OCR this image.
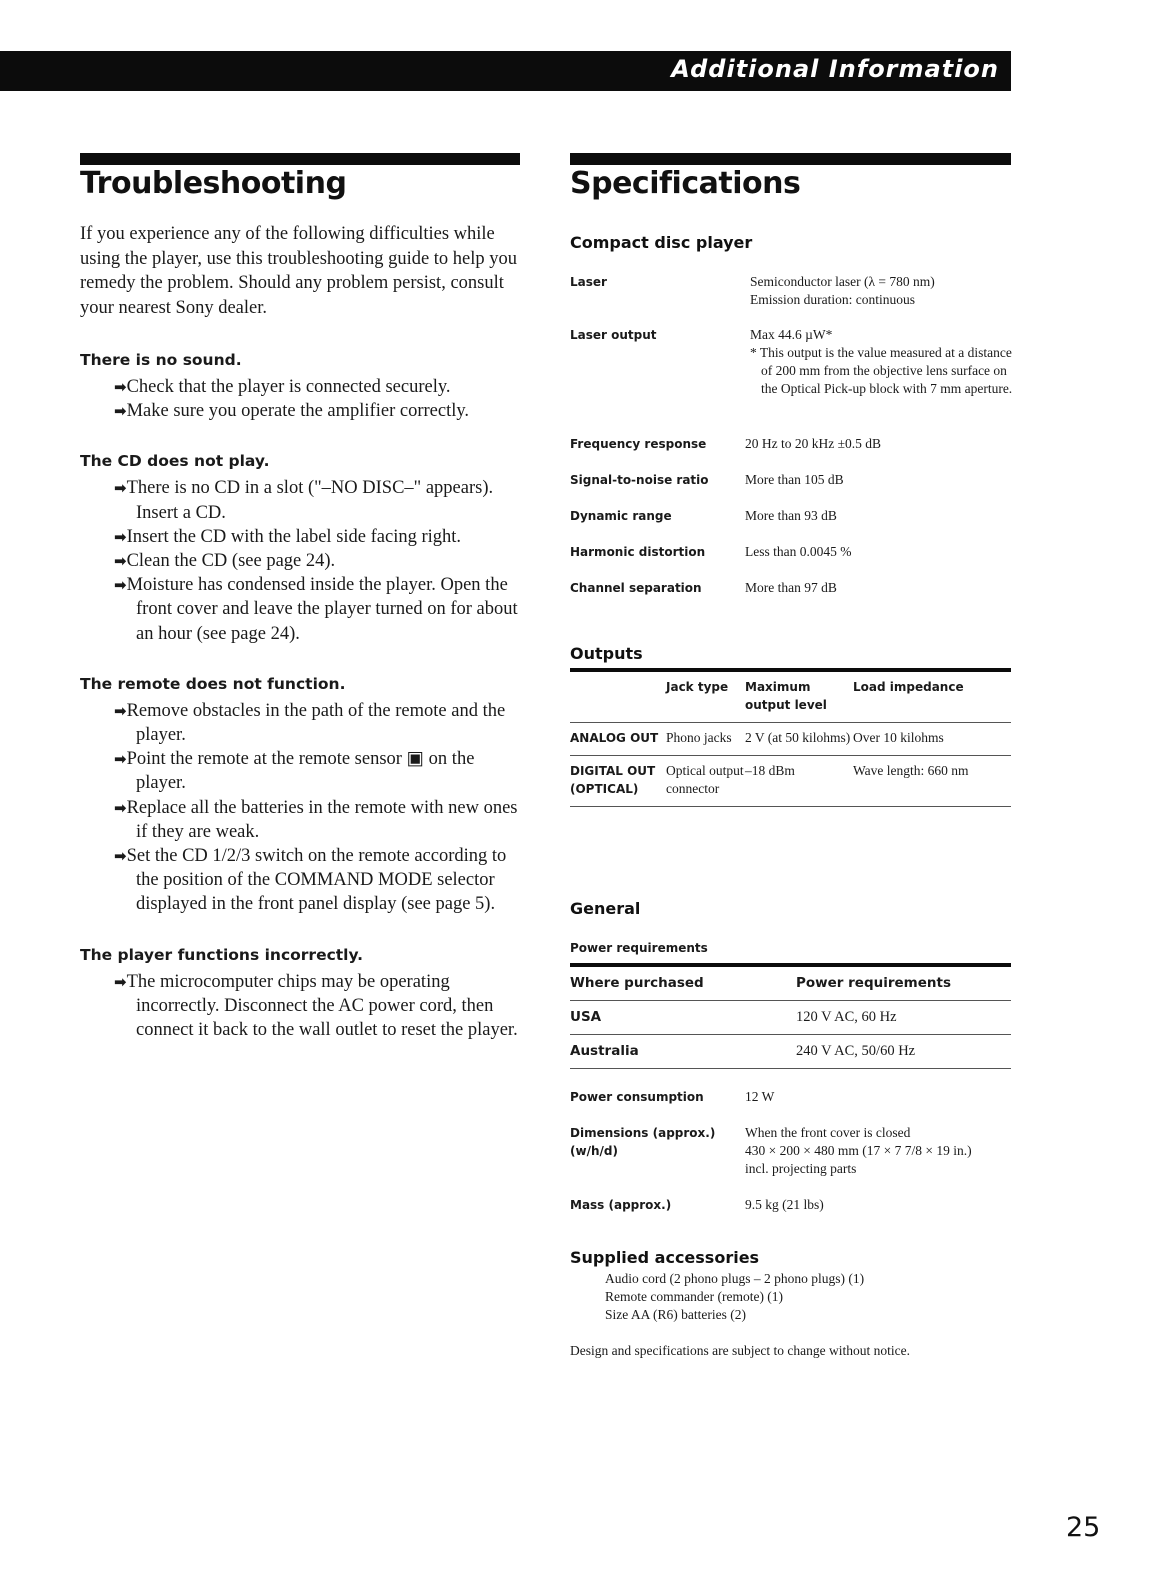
Additional Information
Troubleshooting	Specifications

If you experience any of the following difficulties while using the player, use this troubleshooting guide to help you remedy the problem. Should any problem persist, consult your nearest Sony dealer.

There is no sound.

➡Check that the player is connected securely.

➡Make sure you operate the amplifier correctly.

The CD does not play.

➡There is no CD in a slot ("–NO DISC–" appears).
Insert a CD.

➡Insert the CD with the label side facing right.

➡Clean the CD (see page 24).

➡Moisture has condensed inside the player. Open the front cover and leave the player turned on for about an hour (see page 24).

The remote does not function.

➡Remove obstacles in the path of the remote and the player.

➡Point the remote at the remote sensor ▣ on the player.

➡Replace all the batteries in the remote with new ones if they are weak.

➡Set the CD 1/2/3 switch on the remote according to the position of the COMMAND MODE selector displayed in the front panel display (see page 5).

The player functions incorrectly.

➡The microcomputer chips may be operating incorrectly. Disconnect the AC power cord, then connect it back to the wall outlet to reset the player.

Compact disc player
Laser	Semiconductor laser (λ = 780 nm)
Emission duration: continuous
Laser output	Max 44.6 µW*
* This output is the value measured at a distance of 200 mm from the objective lens surface on the Optical Pick-up block with 7 mm aperture.
Frequency response	20 Hz to 20 kHz ±0.5 dB
Signal-to-noise ratio	More than 105 dB
Dynamic range	More than 93 dB
Harmonic distortion	Less than 0.0045 %
Channel separation	More than 97 dB
Outputs
	Jack type	Maximum output level	Load impedance
ANALOG OUT	Phono jacks	2 V (at 50 kilohms)	Over 10 kilohms
DIGITAL OUT (OPTICAL)	Optical output connector	–18 dBm	Wave length: 660 nm
General
Power requirements
Where purchased	Power requirements
USA	120 V AC, 60 Hz
Australia	240 V AC, 50/60 Hz
Power consumption	12 W
Dimensions (approx.) (w/h/d)
When the front cover is closed
430 × 200 × 480 mm (17 × 7 7/8 × 19 in.)
incl. projecting parts
Mass (approx.)	9.5 kg (21 lbs)
Supplied accessories
Audio cord (2 phono plugs – 2 phono plugs) (1)
Remote commander (remote) (1)
Size AA (R6) batteries (2)
Design and specifications are subject to change without notice.
25
